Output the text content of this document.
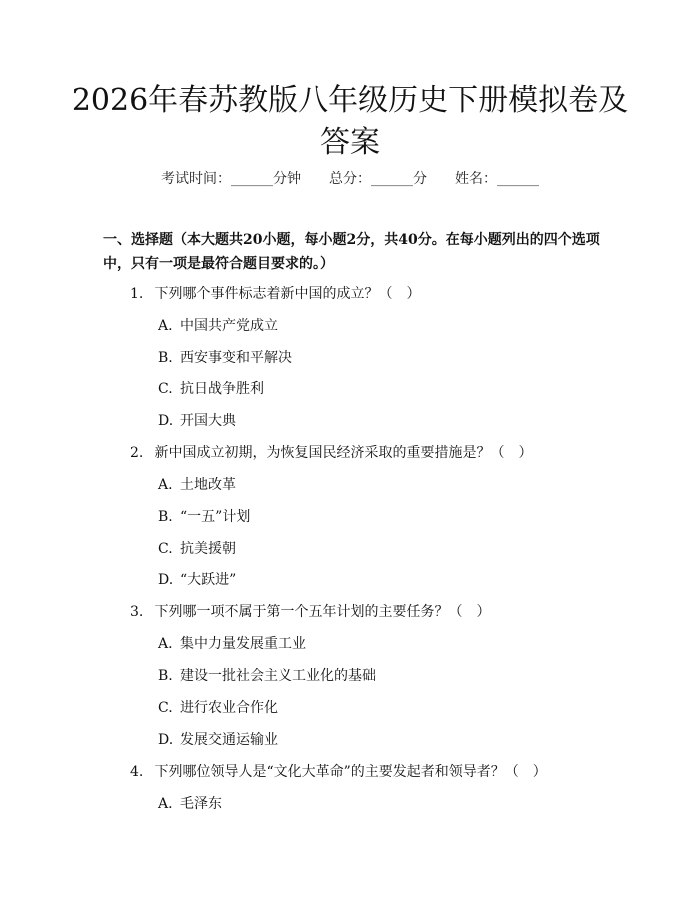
2026年春苏教版八年级历史下册模拟卷及答案
考试时间：______分钟 总分：______分 姓名：______
一、选择题（本大题共20小题，每小题2分，共40分。在每小题列出的四个选项中，只有一项是最符合题目要求的。）
1. 下列哪个事件标志着新中国的成立？（　）
A. 中国共产党成立
B. 西安事变和平解决
C. 抗日战争胜利
D. 开国大典
2. 新中国成立初期，为恢复国民经济采取的重要措施是？（　）
A. 土地改革
B. “一五”计划
C. 抗美援朝
D. “大跃进”
3. 下列哪一项不属于第一个五年计划的主要任务？（　）
A. 集中力量发展重工业
B. 建设一批社会主义工业化的基础
C. 进行农业合作化
D. 发展交通运输业
4. 下列哪位领导人是“文化大革命”的主要发起者和领导者？（　）
A. 毛泽东
